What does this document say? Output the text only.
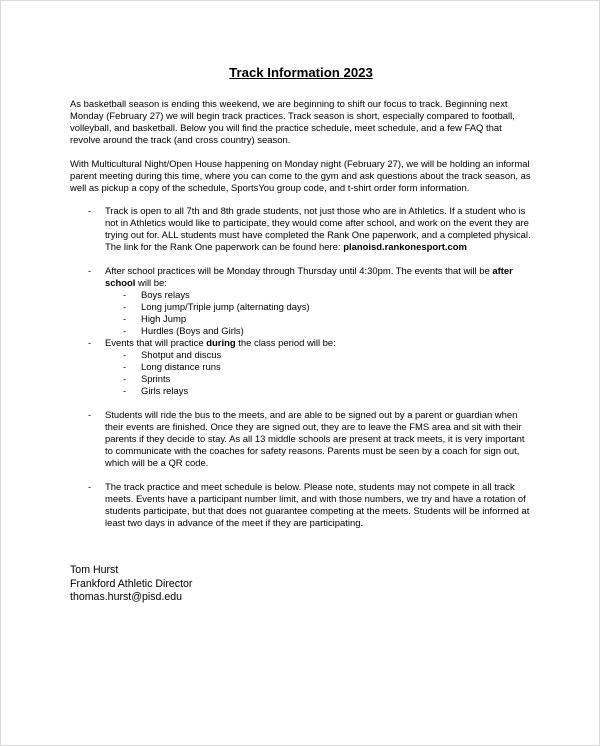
Track Information 2023

As basketball season is ending this weekend, we are beginning to shift our focus to track. Beginning next Monday (February 27) we will begin track practices. Track season is short, especially compared to football, volleyball, and basketball. Below you will find the practice schedule, meet schedule, and a few FAQ that revolve around the track (and cross country) season.

With Multicultural Night/Open House happening on Monday night (February 27), we will be holding an informal parent meeting during this time, where you can come to the gym and ask questions about the track season, as well as pickup a copy of the schedule, SportsYou group code, and t-shirt order form information.

- Track is open to all 7th and 8th grade students, not just those who are in Athletics. If a student who is not in Athletics would like to participate, they would come after school, and work on the event they are trying out for. ALL students must have completed the Rank One paperwork, and a completed physical. The link for the Rank One paperwork can be found here: planoisd.rankonesport.com
- After school practices will be Monday through Thursday until 4:30pm. The events that will be after school will be:
- Boys relays
- Long jump/Triple jump (alternating days)
- High Jump
- Hurdles (Boys and Girls)
- Events that will practice during the class period will be:
- Shotput and discus
- Long distance runs
- Sprints
- Girls relays
- Students will ride the bus to the meets, and are able to be signed out by a parent or guardian when their events are finished. Once they are signed out, they are to leave the FMS area and sit with their parents if they decide to stay. As all 13 middle schools are present at track meets, it is very important to communicate with the coaches for safety reasons. Parents must be seen by a coach for sign out, which will be a QR code.
- The track practice and meet schedule is below. Please note, students may not compete in all track meets. Events have a participant number limit, and with those numbers, we try and have a rotation of students participate, but that does not guarantee competing at the meets. Students will be informed at least two days in advance of the meet if they are participating.
Tom Hurst
Frankford Athletic Director
thomas.hurst@pisd.edu
